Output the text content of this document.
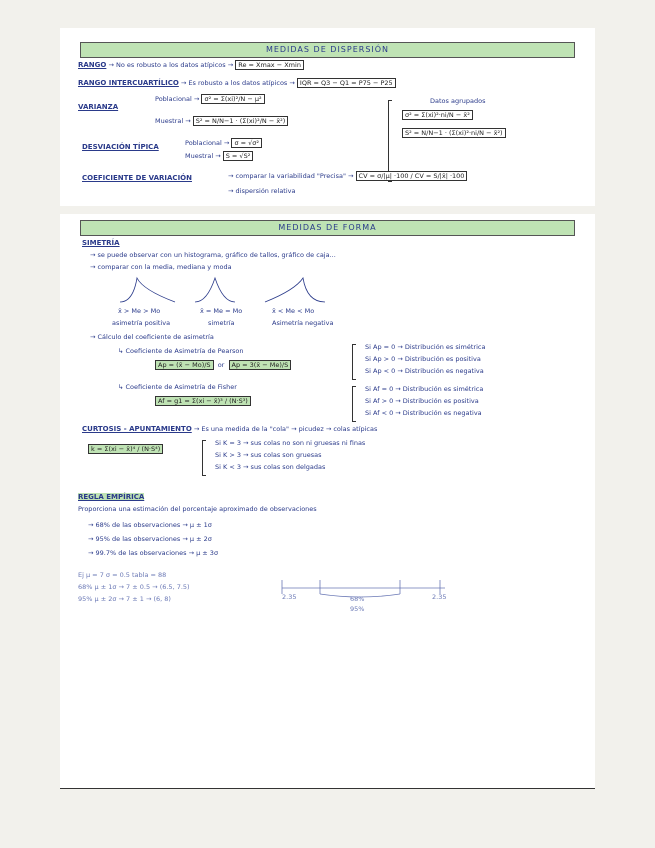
MEDIDAS DE DISPERSIÓN
RANGO → No es robusto a los datos atípicos → Re = Xmax − Xmin
RANGO INTERCUARTÍLICO → Es robusto a los datos atípicos → IQR = Q3 − Q1 = P75 − P25
VARIANZA
Poblacional → σ² = Σ(xi)²/N − μ²
Muestral → S² = N/N−1 · (Σ(xi)²/N − x̄²)
Datos agrupados
σ² = Σ(xi)²·ni/N − x̄²
S² = N/N−1 · (Σ(xi)²·ni/N − x̄²)
DESVIACIÓN TÍPICA	Poblacional → σ = √σ²
Muestral → S = √S²
COEFICIENTE DE VARIACIÓN	→ comparar la variabilidad "Precisa" → CV = σ/|μ| ·100 / CV = S/|x̄| ·100
→ dispersión relativa
MEDIDAS DE FORMA
SIMETRÍA
→ se puede observar con un histograma, gráfico de tallos, gráfico de caja...
→ comparar con la media, mediana y moda
x̄ > Me > Mo	x̄ = Me = Mo	x̄ < Me < Mo
asimetría positiva	simetría	Asimetría negativa
→ Cálculo del coeficiente de asimetría
↳ Coeficiente de Asimetría de Pearson
Ap = (x̄ − Mo)/S or Ap = 3(x̄ − Me)/S
Si Ap = 0 → Distribución es simétrica
Si Ap > 0 → Distribución es positiva
Si Ap < 0 → Distribución es negativa
↳ Coeficiente de Asimetría de Fisher
Af = g1 = Σ(xi − x̄)³ / (N·S³)
Si Af = 0 → Distribución es simétrica
Si Af > 0 → Distribución es positiva
Si Af < 0 → Distribución es negativa
CURTOSIS - APUNTAMIENTO → Es una medida de la "cola" → picudez → colas atípicas
k = Σ(xi − x̄)⁴ / (N·S⁴)
Si K = 3 → sus colas no son ni gruesas ni finas
Si K > 3 → sus colas son gruesas
Si K < 3 → sus colas son delgadas
REGLA EMPÍRICA
Proporciona una estimación del porcentaje aproximado de observaciones
→ 68% de las observaciones → μ ± 1σ
→ 95% de las observaciones → μ ± 2σ
→ 99.7% de las observaciones → μ ± 3σ
Ej μ = 7 σ = 0.5 tabla = 88
68% μ ± 1σ → 7 ± 0.5 → (6.5, 7.5)
95% μ ± 2σ → 7 ± 1 → (6, 8)	2.35	68%
95%
2.35
